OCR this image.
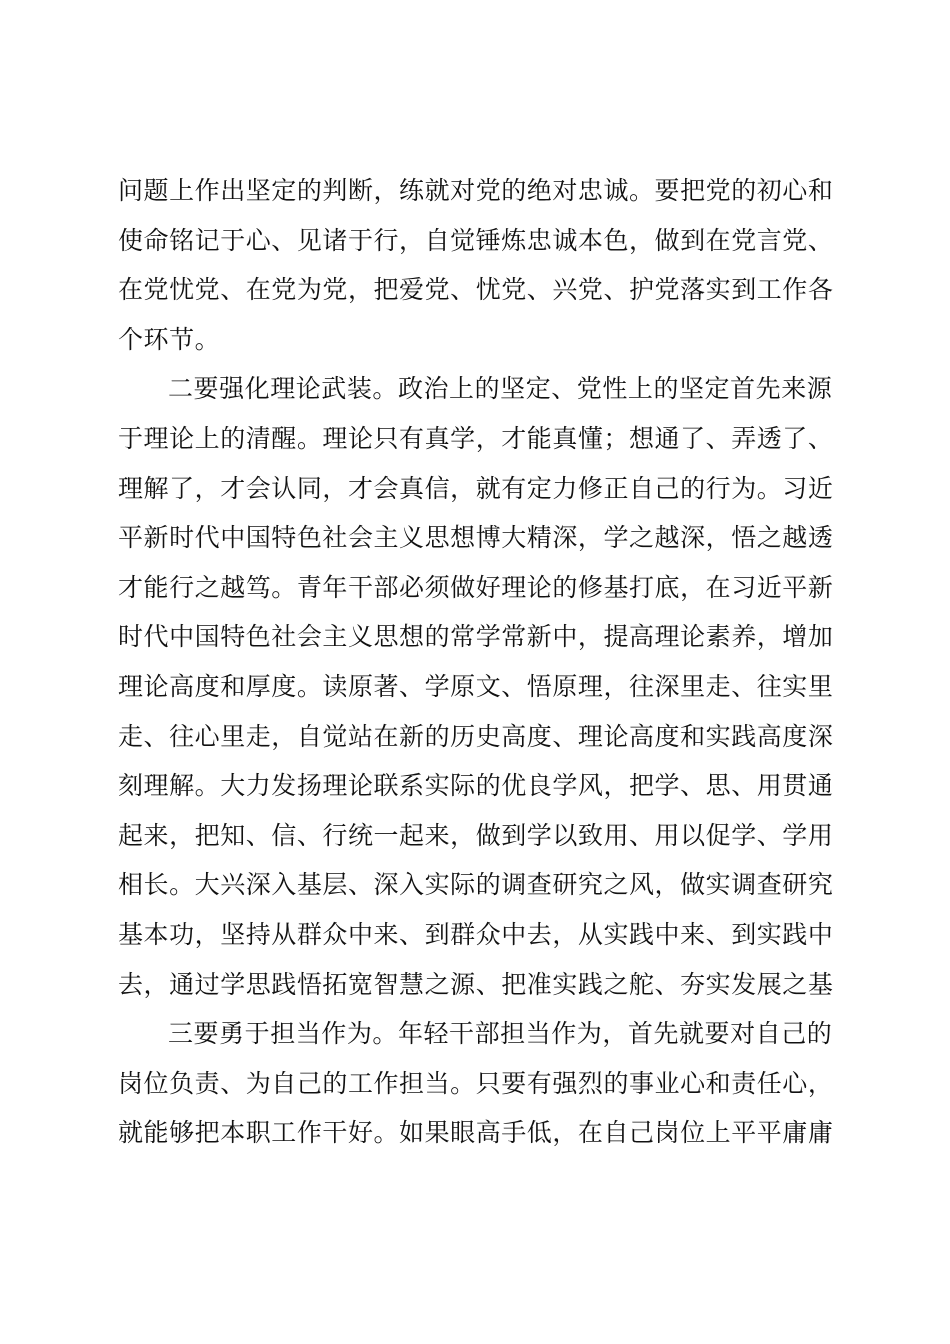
问题上作出坚定的判断，练就对党的绝对忠诚。要把党的初心和
使命铭记于心、见诸于行，自觉锤炼忠诚本色，做到在党言党、
在党忧党、在党为党，把爱党、忧党、兴党、护党落实到工作各
个环节。
二要强化理论武装。政治上的坚定、党性上的坚定首先来源
于理论上的清醒。理论只有真学，才能真懂；想通了、弄透了、
理解了，才会认同，才会真信，就有定力修正自己的行为。习近
平新时代中国特色社会主义思想博大精深，学之越深，悟之越透
才能行之越笃。青年干部必须做好理论的修基打底，在习近平新
时代中国特色社会主义思想的常学常新中，提高理论素养，增加
理论高度和厚度。读原著、学原文、悟原理，往深里走、往实里
走、往心里走，自觉站在新的历史高度、理论高度和实践高度深
刻理解。大力发扬理论联系实际的优良学风，把学、思、用贯通
起来，把知、信、行统一起来，做到学以致用、用以促学、学用
相长。大兴深入基层、深入实际的调查研究之风，做实调查研究
基本功，坚持从群众中来、到群众中去，从实践中来、到实践中
去，通过学思践悟拓宽智慧之源、把准实践之舵、夯实发展之基
三要勇于担当作为。年轻干部担当作为，首先就要对自己的
岗位负责、为自己的工作担当。只要有强烈的事业心和责任心，
就能够把本职工作干好。如果眼高手低，在自己岗位上平平庸庸
